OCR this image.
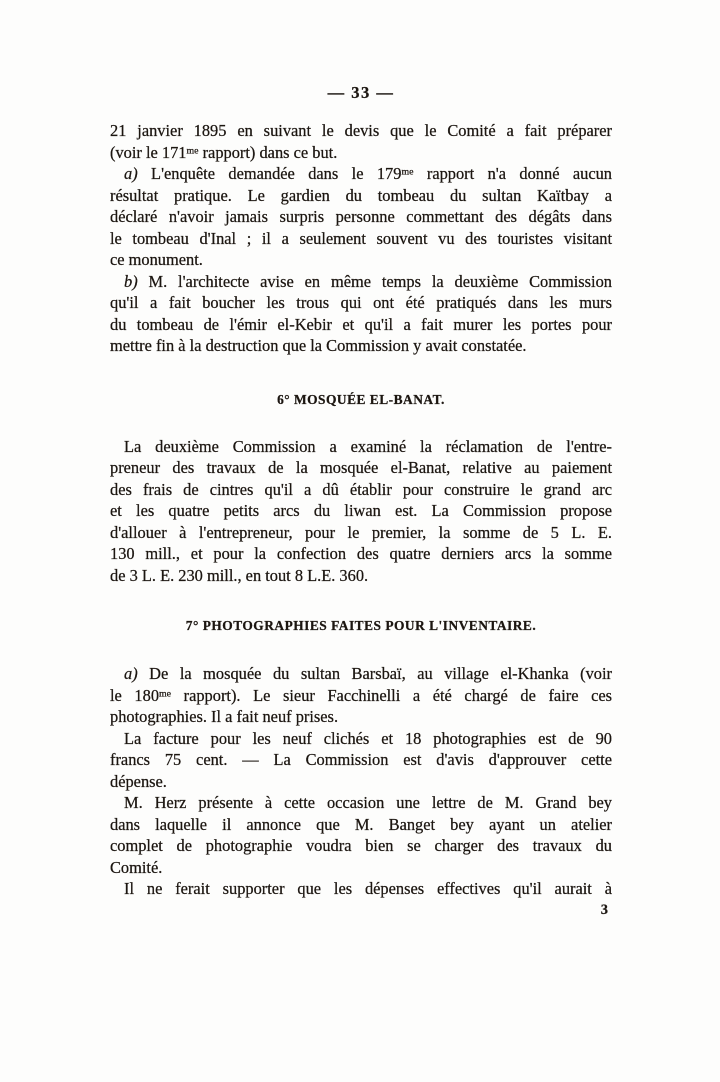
— 33 —
21 janvier 1895 en suivant le devis que le Comité a fait préparer
(voir le $171^{me}$ rapport) dans ce but.
a) L'enquête demandée dans le $179^{me}$ rapport n'a donné aucun
résultat pratique. Le gardien du tombeau du sultan Kaïtbay a
déclaré n'avoir jamais surpris personne commettant des dégâts dans
le tombeau d'Inal ; il a seulement souvent vu des touristes visitant
ce monument.
b) M. l'architecte avise en même temps la deuxième Commission
qu'il a fait boucher les trous qui ont été pratiqués dans les murs
du tombeau de l'émir el-Kebir et qu'il a fait murer les portes pour
mettre fin à la destruction que la Commission y avait constatée.
6° MOSQUÉE EL-BANAT.
La deuxième Commission a examiné la réclamation de l'entre-
preneur des travaux de la mosquée el-Banat, relative au paiement
des frais de cintres qu'il a dû établir pour construire le grand arc
et les quatre petits arcs du liwan est. La Commission propose
d'allouer à l'entrepreneur, pour le premier, la somme de 5 L. E.
130 mill., et pour la confection des quatre derniers arcs la somme
de 3 L. E. 230 mill., en tout 8 L.E. 360.
7° PHOTOGRAPHIES FAITES POUR L'INVENTAIRE.
a) De la mosquée du sultan Barsbaï, au village el-Khanka (voir
le $180^{me}$ rapport). Le sieur Facchinelli a été chargé de faire ces
photographies. Il a fait neuf prises.
La facture pour les neuf clichés et 18 photographies est de 90
francs 75 cent. — La Commission est d'avis d'approuver cette
dépense.
M. Herz présente à cette occasion une lettre de M. Grand bey
dans laquelle il annonce que M. Banget bey ayant un atelier
complet de photographie voudra bien se charger des travaux du
Comité.
Il ne ferait supporter que les dépenses effectives qu'il aurait à
3
